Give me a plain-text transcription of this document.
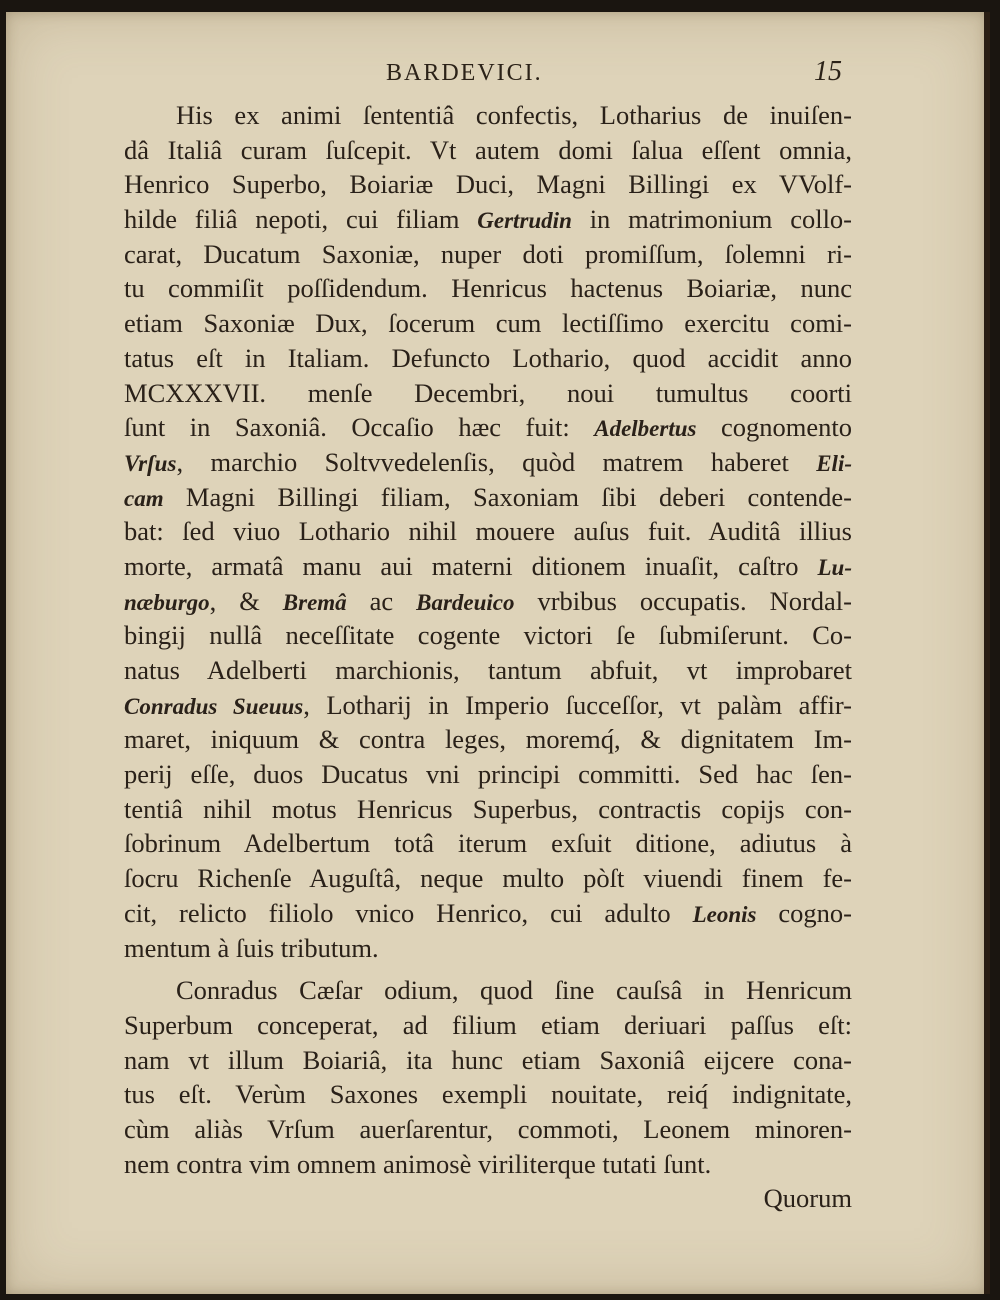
BARDEVICI.	15
His ex animi ſententiâ confectis, Lotharius de inuiſen-
dâ Italiâ curam ſuſcepit. Vt autem domi ſalua eſſent omnia,
Henrico Superbo, Boiariæ Duci, Magni Billingi ex VVolf-
hilde filiâ nepoti, cui filiam Gertrudin in matrimonium collo-
carat, Ducatum Saxoniæ, nuper doti promiſſum, ſolemni ri-
tu commiſit poſſidendum. Henricus hactenus Boiariæ, nunc
etiam Saxoniæ Dux, ſocerum cum lectiſſimo exercitu comi-
tatus eſt in Italiam. Defuncto Lothario, quod accidit anno
MCXXXVII. menſe Decembri, noui tumultus coorti
ſunt in Saxoniâ. Occaſio hæc fuit: Adelbertus cognomento
Vrſus, marchio Soltvvedelenſis, quòd matrem haberet Eli-
cam Magni Billingi filiam, Saxoniam ſibi deberi contende-
bat: ſed viuo Lothario nihil mouere auſus fuit. Auditâ illius
morte, armatâ manu aui materni ditionem inuaſit, caſtro Lu-
næburgo, & Bremâ ac Bardeuico vrbibus occupatis. Nordal-
bingij nullâ neceſſitate cogente victori ſe ſubmiſerunt. Co-
natus Adelberti marchionis, tantum abfuit, vt improbaret
Conradus Sueuus, Lotharij in Imperio ſucceſſor, vt palàm affir-
maret, iniquum & contra leges, moremq́, & dignitatem Im-
perij eſſe, duos Ducatus vni principi committi. Sed hac ſen-
tentiâ nihil motus Henricus Superbus, contractis copijs con-
ſobrinum Adelbertum totâ iterum exſuit ditione, adiutus à
ſocru Richenſe Auguſtâ, neque multo pòſt viuendi finem fe-
cit, relicto filiolo vnico Henrico, cui adulto Leonis cogno-
mentum à ſuis tributum.
Conradus Cæſar odium, quod ſine cauſsâ in Henricum
Superbum conceperat, ad filium etiam deriuari paſſus eſt:
nam vt illum Boiariâ, ita hunc etiam Saxoniâ eijcere cona-
tus eſt. Verùm Saxones exempli nouitate, reiq́ indignitate,
cùm aliàs Vrſum auerſarentur, commoti, Leonem minoren-
nem contra vim omnem animosè viriliterque tutati ſunt.
Quorum
